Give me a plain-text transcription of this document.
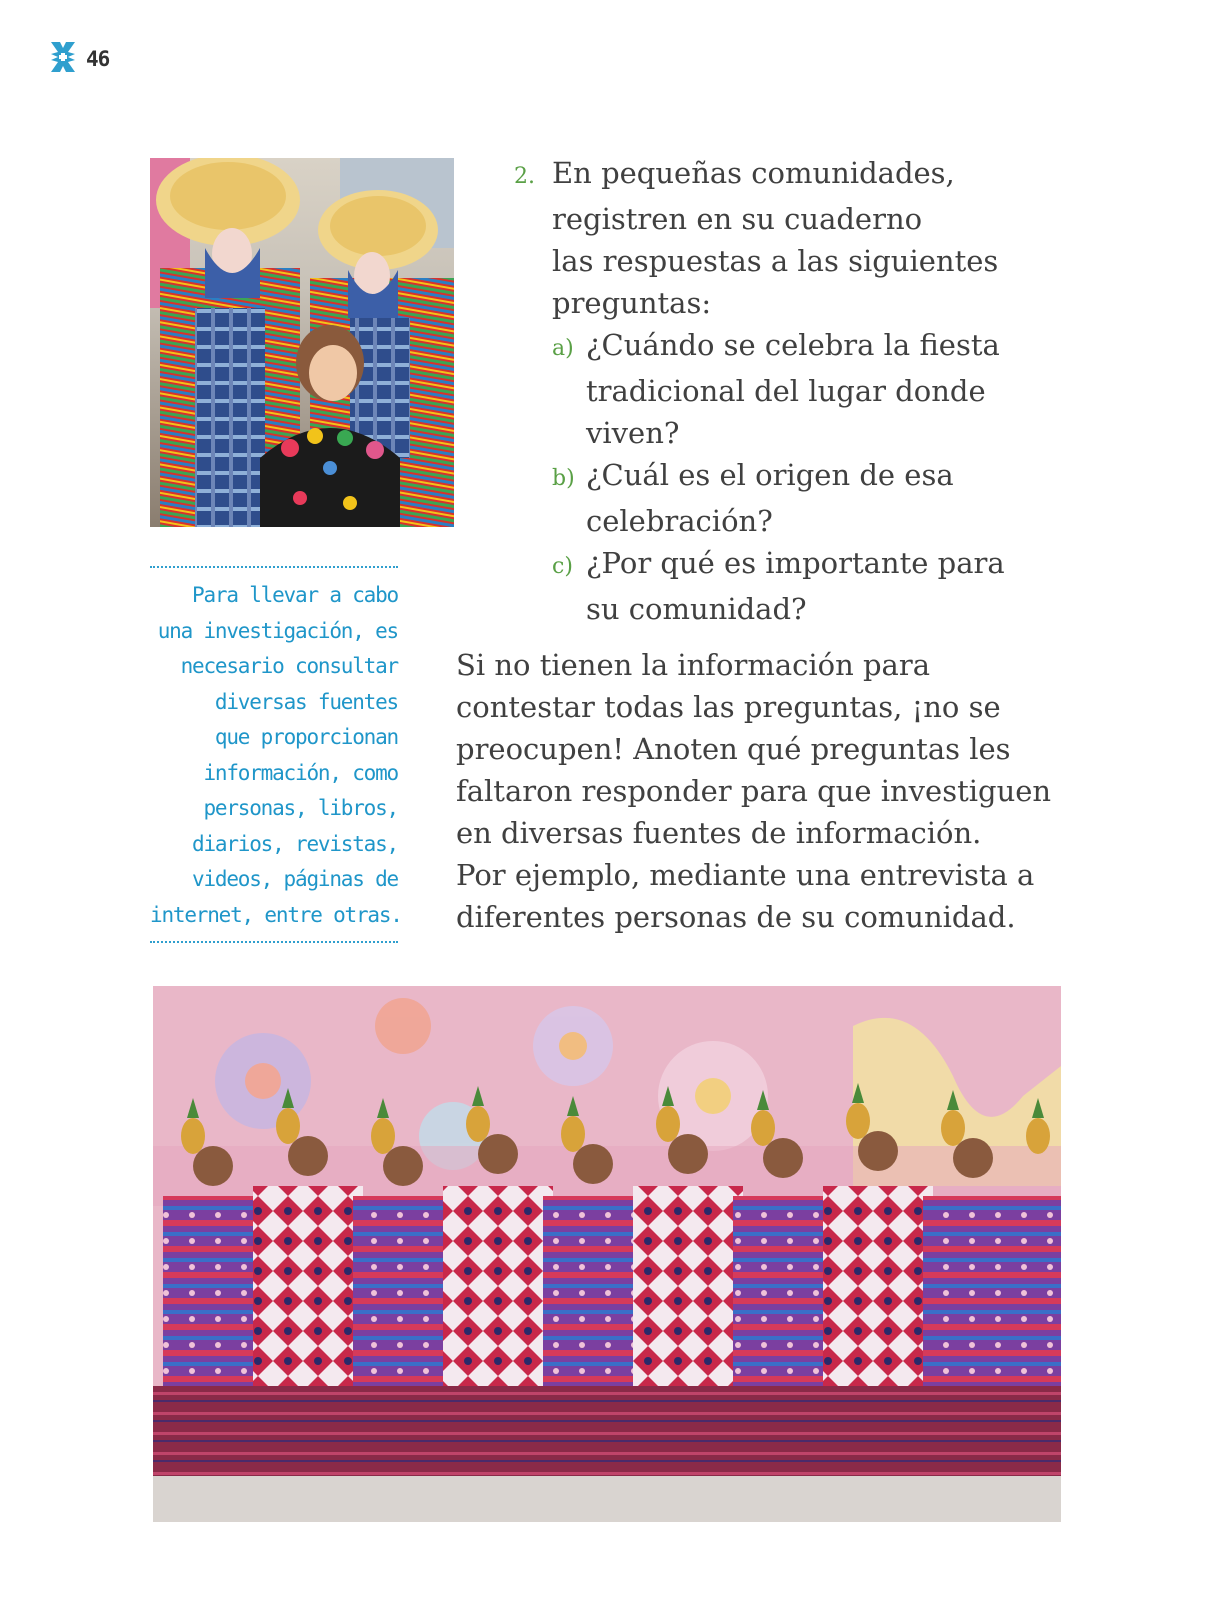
46
Para llevar a cabo
una investigación, es
necesario consultar
diversas fuentes
que proporcionan
información, como
personas, libros,
diarios, revistas,
videos, páginas de
internet, entre otras.
2. En pequeñas comunidades,
registren en su cuaderno
las respuestas a las siguientes
preguntas:
a) ¿Cuándo se celebra la fiesta
tradicional del lugar donde
viven?
b) ¿Cuál es el origen de esa
celebración?
c) ¿Por qué es importante para
su comunidad?
Si no tienen la información para
contestar todas las preguntas, ¡no se
preocupen! Anoten qué preguntas les
faltaron responder para que investiguen
en diversas fuentes de información.
Por ejemplo, mediante una entrevista a
diferentes personas de su comunidad.
